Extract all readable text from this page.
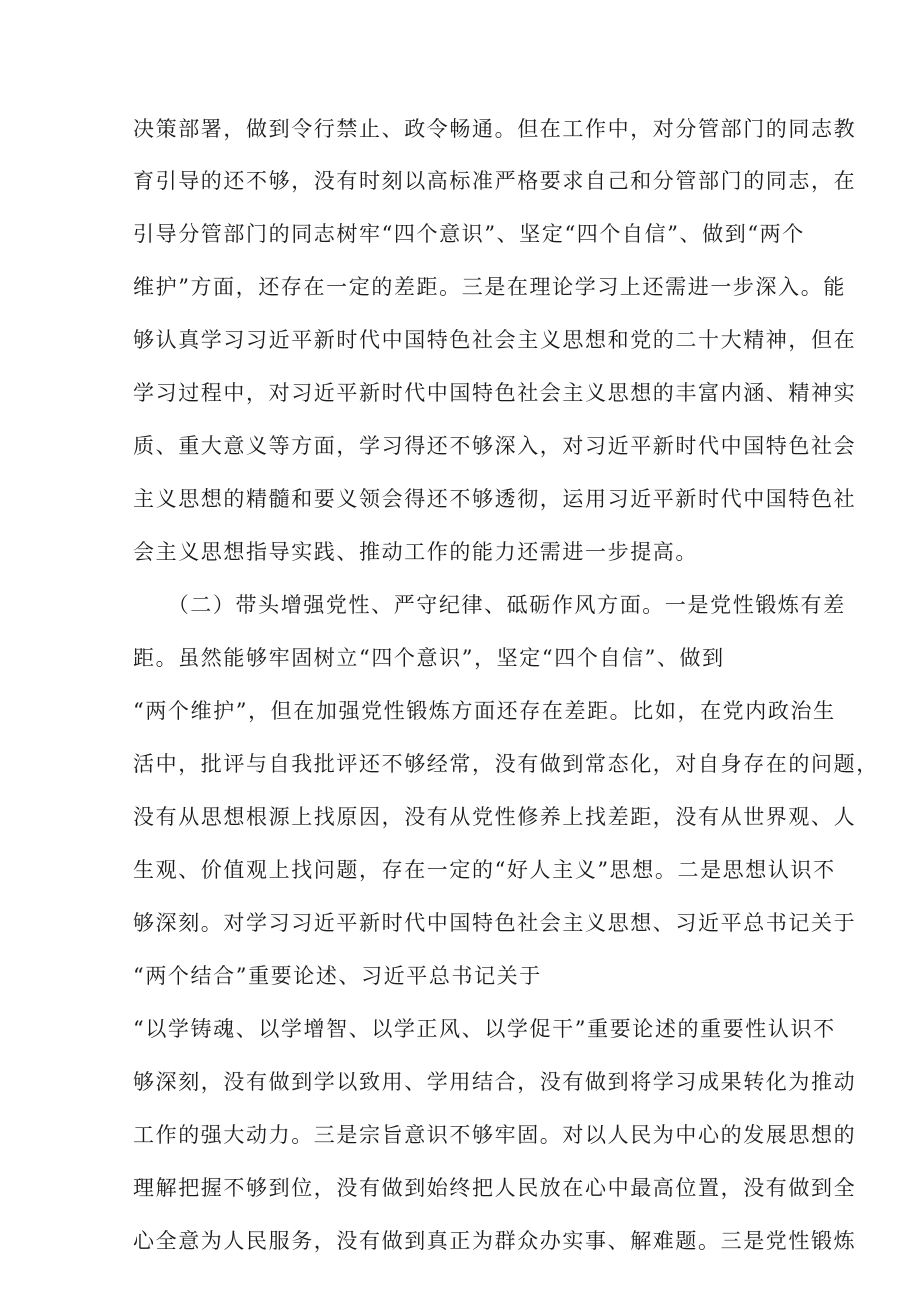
决策部署，做到令行禁止、政令畅通。但在工作中，对分管部门的同志教
育引导的还不够，没有时刻以高标准严格要求自己和分管部门的同志，在
引导分管部门的同志树牢“四个意识”、坚定“四个自信”、做到“两个
维护”方面，还存在一定的差距。三是在理论学习上还需进一步深入。能
够认真学习习近平新时代中国特色社会主义思想和党的二十大精神，但在
学习过程中，对习近平新时代中国特色社会主义思想的丰富内涵、精神实
质、重大意义等方面，学习得还不够深入，对习近平新时代中国特色社会
主义思想的精髓和要义领会得还不够透彻，运用习近平新时代中国特色社
会主义思想指导实践、推动工作的能力还需进一步提高。
　　（二）带头增强党性、严守纪律、砥砺作风方面。一是党性锻炼有差
距。虽然能够牢固树立“四个意识”，坚定“四个自信”、做到
“两个维护”，但在加强党性锻炼方面还存在差距。比如，在党内政治生
活中，批评与自我批评还不够经常，没有做到常态化，对自身存在的问题，
没有从思想根源上找原因，没有从党性修养上找差距，没有从世界观、人
生观、价值观上找问题，存在一定的“好人主义”思想。二是思想认识不
够深刻。对学习习近平新时代中国特色社会主义思想、习近平总书记关于
“两个结合”重要论述、习近平总书记关于
“以学铸魂、以学增智、以学正风、以学促干”重要论述的重要性认识不
够深刻，没有做到学以致用、学用结合，没有做到将学习成果转化为推动
工作的强大动力。三是宗旨意识不够牢固。对以人民为中心的发展思想的
理解把握不够到位，没有做到始终把人民放在心中最高位置，没有做到全
心全意为人民服务，没有做到真正为群众办实事、解难题。三是党性锻炼
